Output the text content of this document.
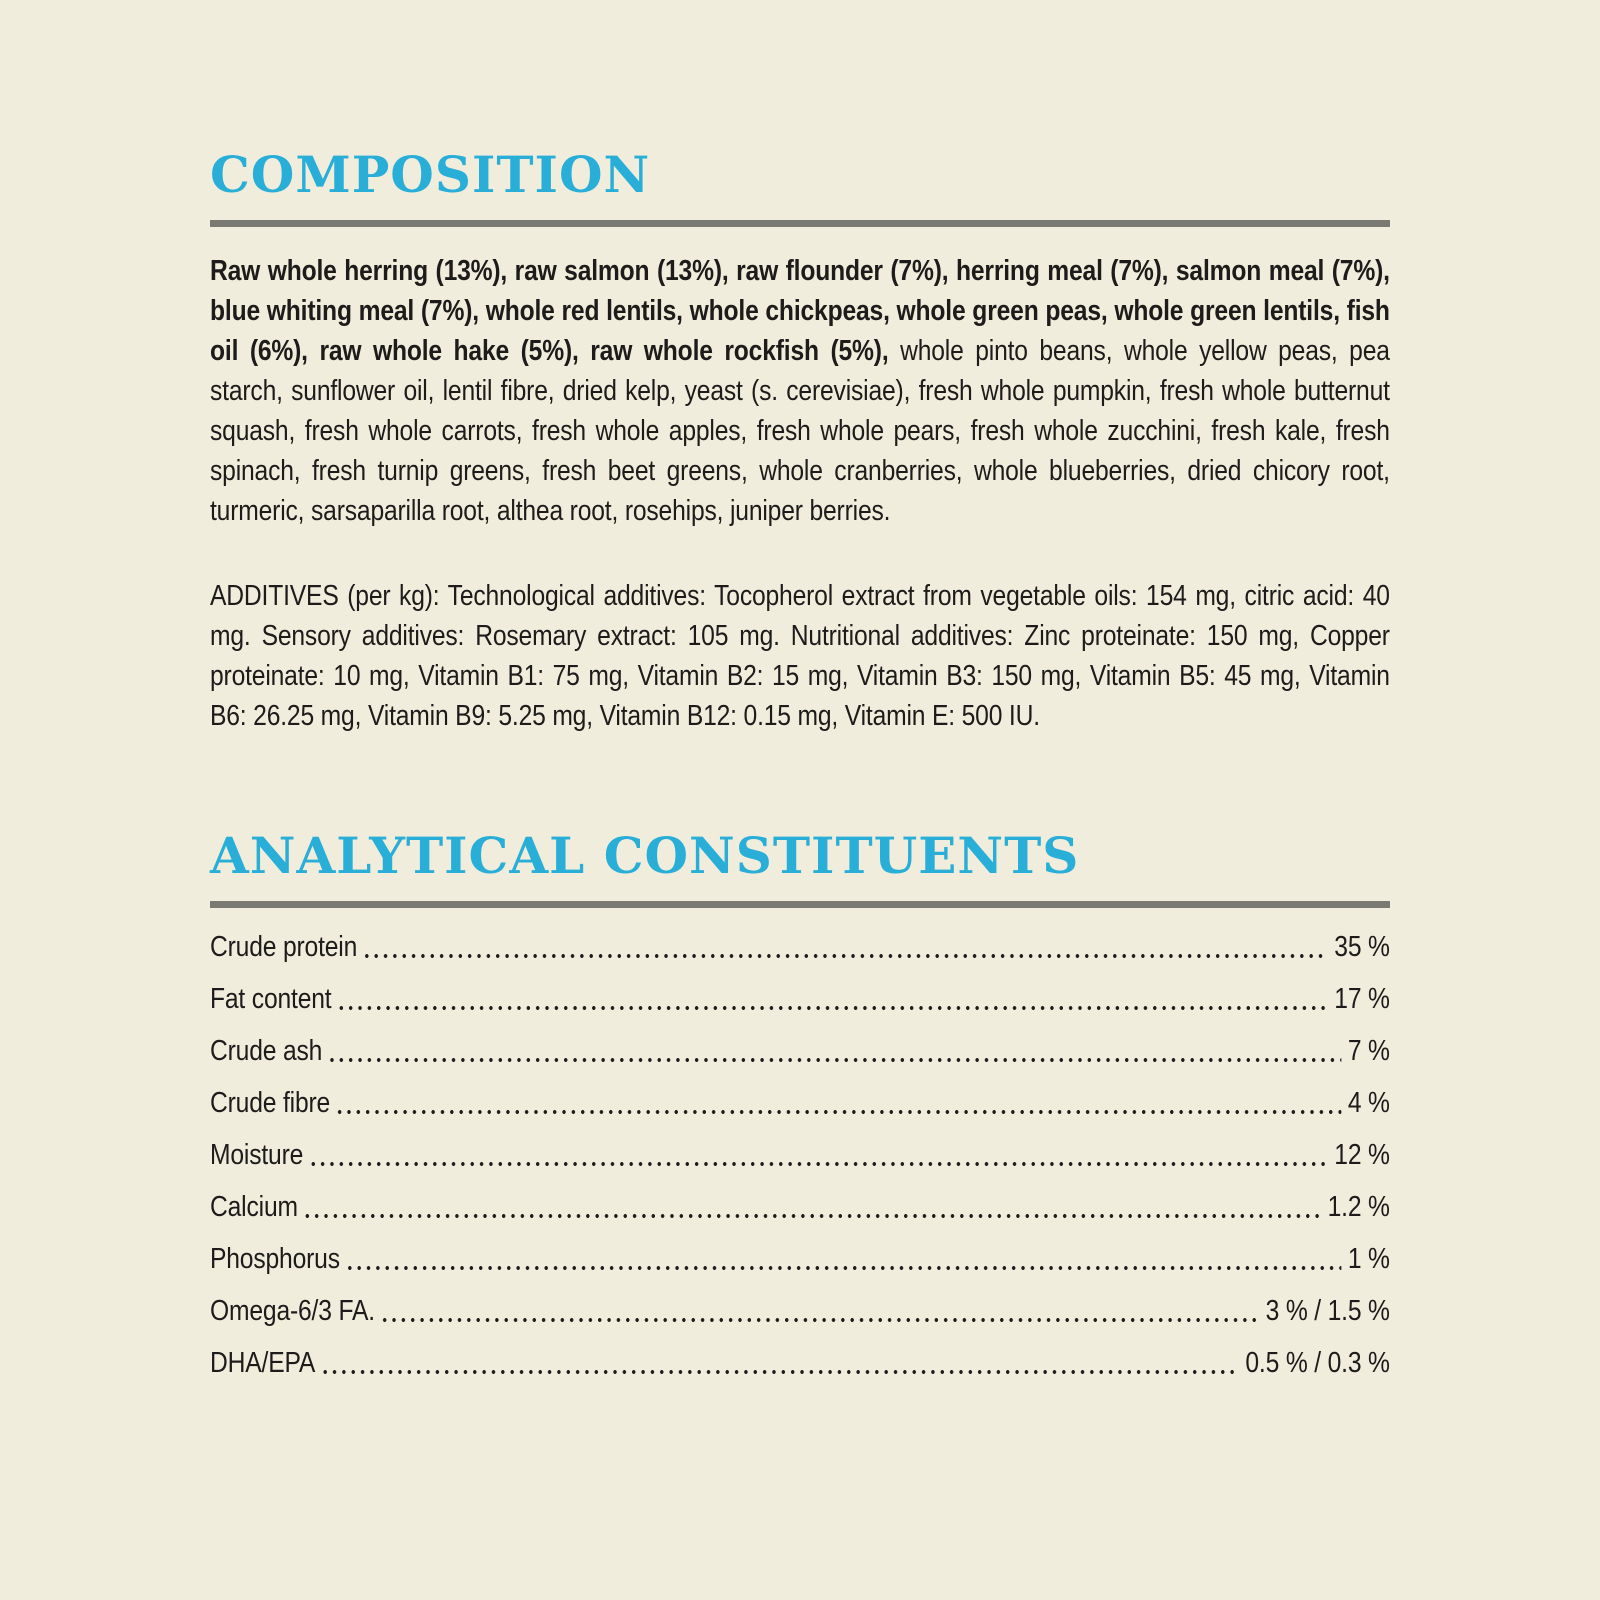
COMPOSITION

Raw whole herring (13%), raw salmon (13%), raw flounder (7%), herring meal (7%), salmon meal (7%), blue whiting meal (7%), whole red lentils, whole chickpeas, whole green peas, whole green lentils, fish oil (6%), raw whole hake (5%), raw whole rockfish (5%), whole pinto beans, whole yellow peas, pea starch, sunflower oil, lentil fibre, dried kelp, yeast (s. cerevisiae), fresh whole pumpkin, fresh whole butternut squash, fresh whole carrots, fresh whole apples, fresh whole pears, fresh whole zucchini, fresh kale, fresh spinach, fresh turnip greens, fresh beet greens, whole cranberries, whole blueberries, dried chicory root, turmeric, sarsaparilla root, althea root, rosehips, juniper berries.

ADDITIVES (per kg): Technological additives: Tocopherol extract from vegetable oils: 154 mg, citric acid: 40 mg. Sensory additives: Rosemary extract: 105 mg. Nutritional additives: Zinc proteinate: 150 mg, Copper proteinate: 10 mg, Vitamin B1: 75 mg, Vitamin B2: 15 mg, Vitamin B3: 150 mg, Vitamin B5: 45 mg, Vitamin B6: 26.25 mg, Vitamin B9: 5.25 mg, Vitamin B12: 0.15 mg, Vitamin E: 500 IU.

ANALYTICAL CONSTITUENTS
Crude protein	35 %
Fat content	17 %
Crude ash	7 %
Crude fibre	4 %
Moisture	12 %
Calcium	1.2 %
Phosphorus	1 %
Omega-6/3 FA.	3 % / 1.5 %
DHA/EPA	0.5 % / 0.3 %
